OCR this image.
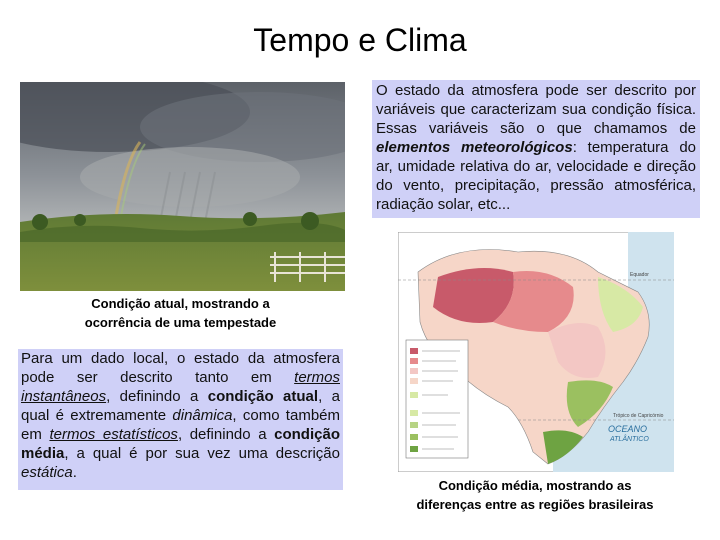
Tempo e Clima
Condição atual, mostrando a
ocorrência de uma tempestade
O estado da atmosfera pode ser descrito por variáveis que caracterizam sua condição física. Essas variáveis são o que chamamos de elementos meteorológicos: temperatura do ar, umidade relativa do ar, velocidade e direção do vento, precipitação, pressão atmosférica, radiação solar, etc...
Para um dado local, o estado da atmosfera pode ser descrito tanto em termos instantâneos, definindo a condição atual, a qual é extremamente dinâmica, como também em termos estatísticos, definindo a condição média, a qual é por sua vez uma descrição estática.
Equador
Trópico de Capricórnio
OCEANO
ATLÂNTICO
Condição média, mostrando as
diferenças entre as regiões brasileiras
